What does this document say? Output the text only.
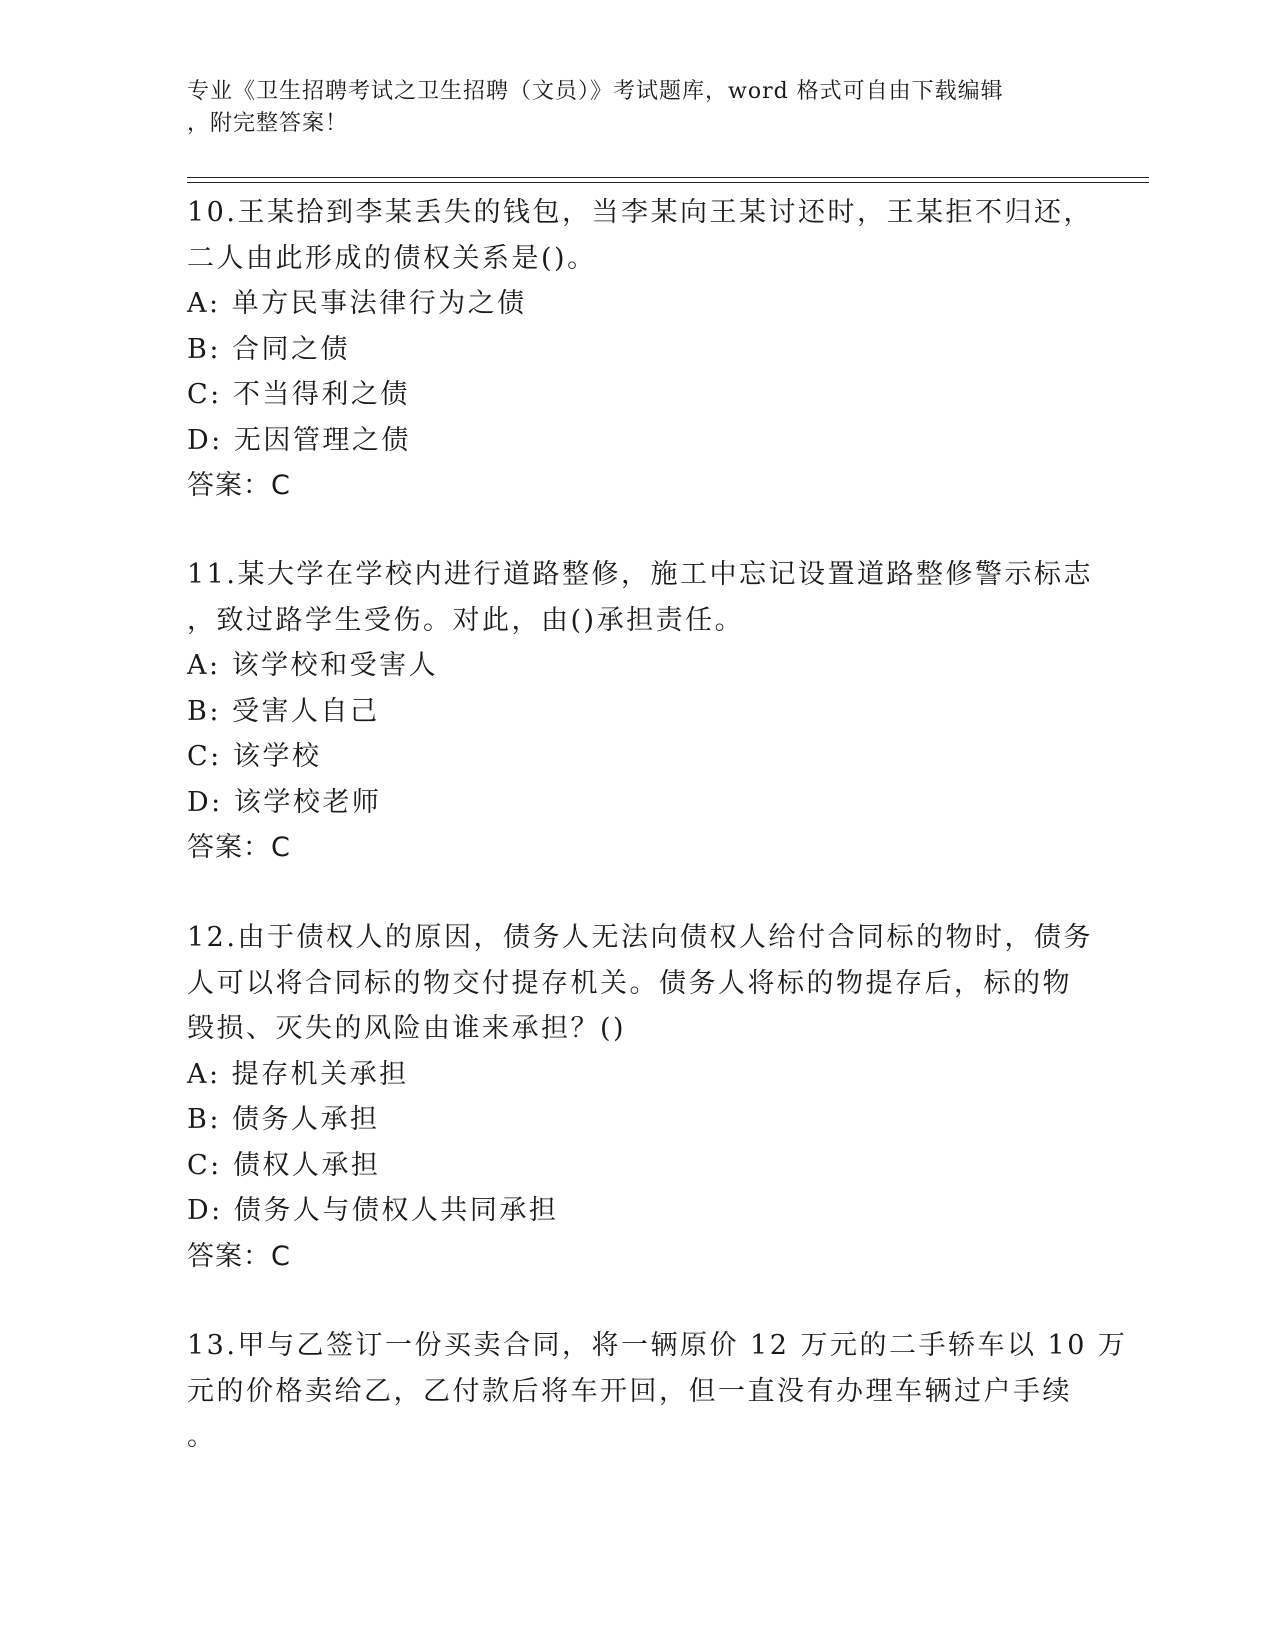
专业《卫生招聘考试之卫生招聘（文员）》考试题库，word 格式可自由下载编辑
，附完整答案！
10.王某拾到李某丢失的钱包，当李某向王某讨还时，王某拒不归还，
二人由此形成的债权关系是()。
A: 单方民事法律行为之债
B: 合同之债
C: 不当得利之债
D: 无因管理之债
答案：C
11.某大学在学校内进行道路整修，施工中忘记设置道路整修警示标志
，致过路学生受伤。对此，由()承担责任。
A: 该学校和受害人
B: 受害人自己
C: 该学校
D: 该学校老师
答案：C
12.由于债权人的原因，债务人无法向债权人给付合同标的物时，债务
人可以将合同标的物交付提存机关。债务人将标的物提存后，标的物
毁损、灭失的风险由谁来承担？()
A: 提存机关承担
B: 债务人承担
C: 债权人承担
D: 债务人与债权人共同承担
答案：C
13.甲与乙签订一份买卖合同，将一辆原价 12 万元的二手轿车以 10 万
元的价格卖给乙，乙付款后将车开回，但一直没有办理车辆过户手续
。
